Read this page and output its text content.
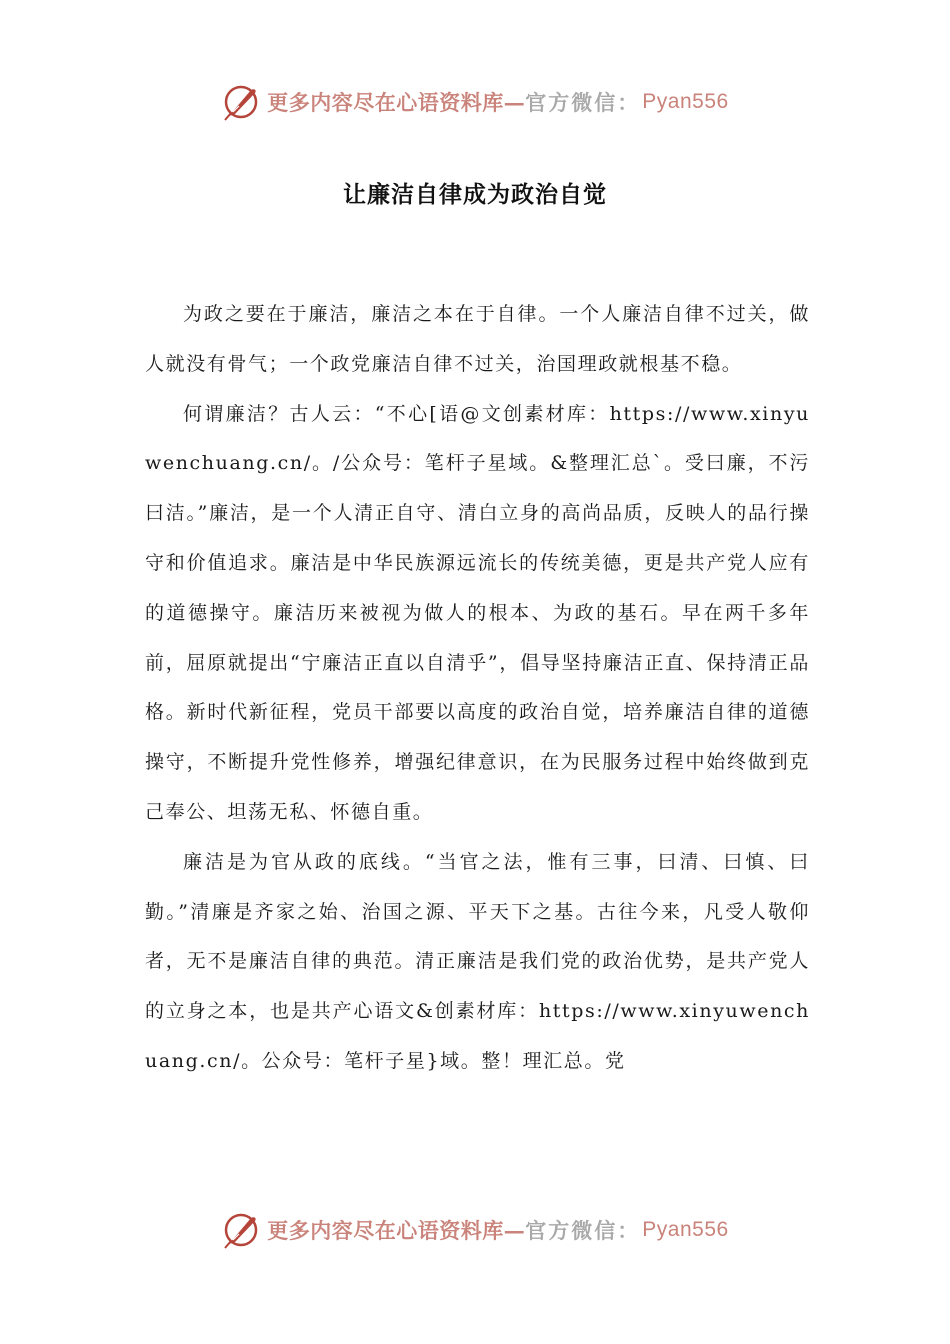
更多内容尽在心语资料库— 官方微信： Pyan556
让廉洁自律成为政治自觉

为政之要在于廉洁，廉洁之本在于自律。一个人廉洁自律不过关，做人就没有骨气；一个政党廉洁自律不过关，治国理政就根基不稳。

何谓廉洁？古人云：“不心[语@文创素材库：https://www.xinyuwenchuang.cn/。/公众号：笔杆子星域。&整理汇总`。受曰廉，不污曰洁。”廉洁，是一个人清正自守、清白立身的高尚品质，反映人的品行操守和价值追求。廉洁是中华民族源远流长的传统美德，更是共产党人应有的道德操守。廉洁历来被视为做人的根本、为政的基石。早在两千多年前，屈原就提出“宁廉洁正直以自清乎”，倡导坚持廉洁正直、保持清正品格。新时代新征程，党员干部要以高度的政治自觉，培养廉洁自律的道德操守，不断提升党性修养，增强纪律意识，在为民服务过程中始终做到克己奉公、坦荡无私、怀德自重。

廉洁是为官从政的底线。“当官之法，惟有三事，曰清、曰慎、曰勤。”清廉是齐家之始、治国之源、平天下之基。古往今来，凡受人敬仰者，无不是廉洁自律的典范。清正廉洁是我们党的政治优势，是共产党人的立身之本，也是共产心语文&创素材库：https://www.xinyuwenchuang.cn/。公众号：笔杆子星}域。整！理汇总。党

更多内容尽在心语资料库— 官方微信： Pyan556
